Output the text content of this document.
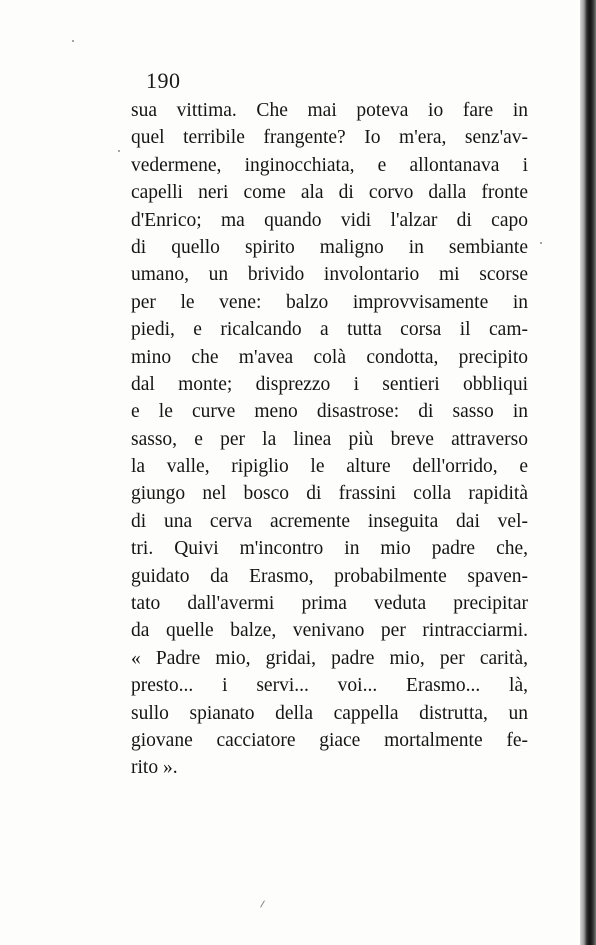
190
sua vittima. Che mai poteva io fare in
quel terribile frangente? Io m'era, senz'av-
vedermene, inginocchiata, e allontanava i
capelli neri come ala di corvo dalla fronte
d'Enrico; ma quando vidi l'alzar di capo
di quello spirito maligno in sembiante
umano, un brivido involontario mi scorse
per le vene: balzo improvvisamente in
piedi, e ricalcando a tutta corsa il cam-
mino che m'avea colà condotta, precipito
dal monte; disprezzo i sentieri obbliqui
e le curve meno disastrose: di sasso in
sasso, e per la linea più breve attraverso
la valle, ripiglio le alture dell'orrido, e
giungo nel bosco di frassini colla rapidità
di una cerva acremente inseguita dai vel-
tri. Quivi m'incontro in mio padre che,
guidato da Erasmo, probabilmente spaven-
tato dall'avermi prima veduta precipitar
da quelle balze, venivano per rintracciarmi.
« Padre mio, gridai, padre mio, per carità,
presto... i servi... voi... Erasmo... là,
sullo spianato della cappella distrutta, un
giovane cacciatore giace mortalmente fe-
rito ».
